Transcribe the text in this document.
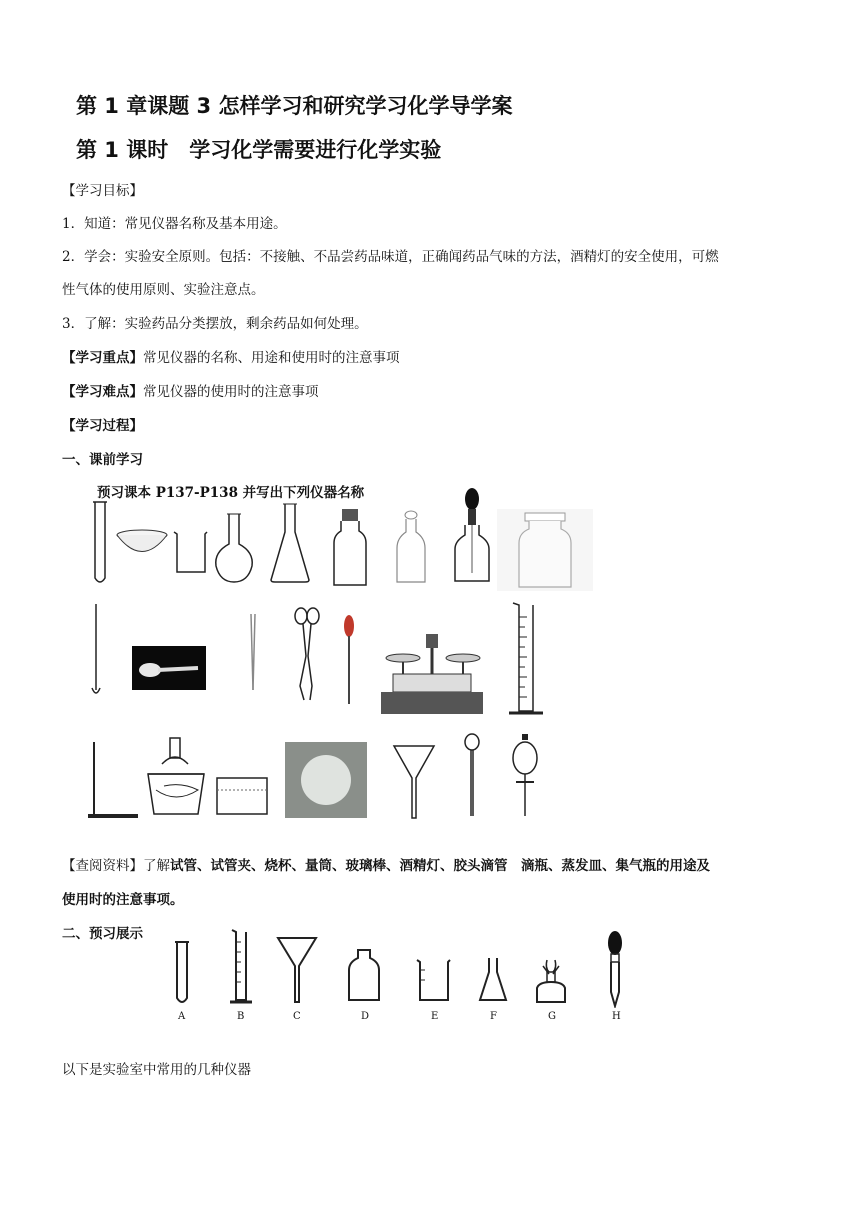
第 1 章课题 3 怎样学习和研究学习化学导学案
第 1 课时　学习化学需要进行化学实验
【学习目标】
1．知道：常见仪器名称及基本用途。
2．学会：实验安全原则。包括：不接触、不品尝药品味道，正确闻药品气味的方法，酒精灯的安全使用，可燃
性气体的使用原则、实验注意点。
3．了解：实验药品分类摆放，剩余药品如何处理。
【学习重点】常见仪器的名称、用途和使用时的注意事项
【学习难点】常见仪器的使用时的注意事项
【学习过程】
一、课前学习
预习课本 P137-P138 并写出下列仪器名称
【查阅资料】了解试管、试管夹、烧杯、量筒、玻璃棒、酒精灯、胶头滴管　滴瓶、蒸发皿、集气瓶的用途及
使用时的注意事项。
二、预习展示
A	B	C	D	E	F	G	H
以下是实验室中常用的几种仪器
